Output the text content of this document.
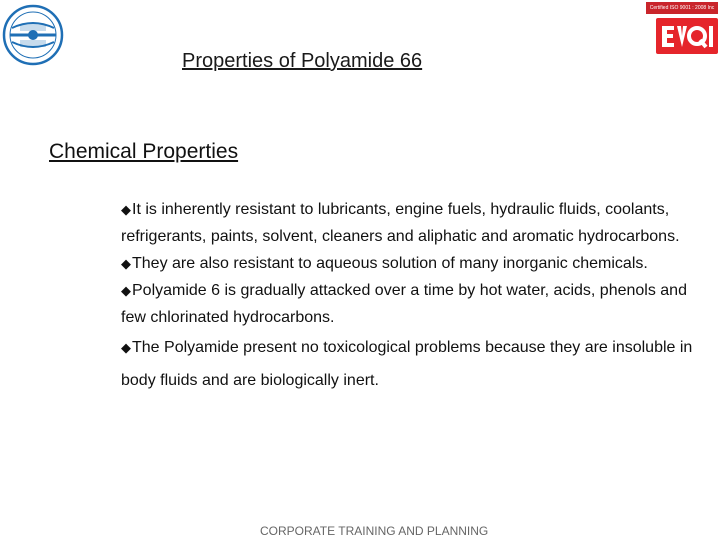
Certified ISO 9001 : 2008 Inc
Properties of Polyamide 66
Chemical Properties

◆It is inherently resistant to lubricants, engine fuels, hydraulic fluids, coolants, refrigerants, paints, solvent, cleaners and aliphatic and aromatic hydrocarbons.

◆They are also resistant to aqueous solution of many inorganic chemicals.

◆Polyamide 6 is gradually attacked over a time by hot water, acids, phenols and few chlorinated hydrocarbons.

◆The Polyamide present no toxicological problems because they are insoluble in body fluids and are biologically inert.

CORPORATE TRAINING AND PLANNING
